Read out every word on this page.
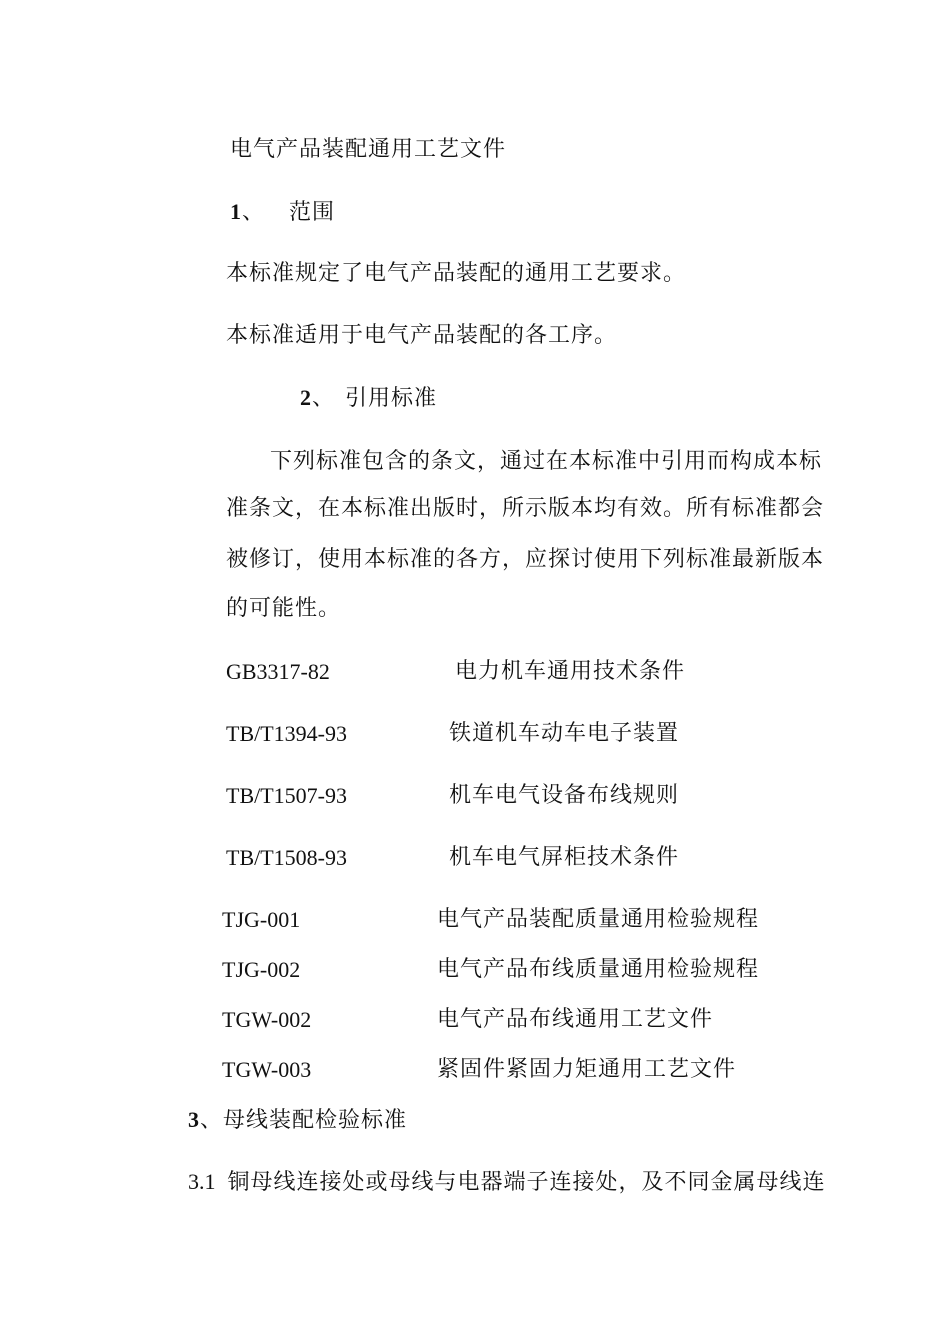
电气产品装配通用工艺文件
1、 范围
本标准规定了电气产品装配的通用工艺要求。
本标准适用于电气产品装配的各工序。
2、 引用标准
下列标准包含的条文，通过在本标准中引用而构成本标
准条文，在本标准出版时，所示版本均有效。所有标准都会
被修订，使用本标准的各方，应探讨使用下列标准最新版本
的可能性。
GB3317-82	电力机车通用技术条件
TB/T1394-93	铁道机车动车电子装置
TB/T1507-93	机车电气设备布线规则
TB/T1508-93	机车电气屏柜技术条件
TJG-001	电气产品装配质量通用检验规程
TJG-002	电气产品布线质量通用检验规程
TGW-002	电气产品布线通用工艺文件
TGW-003	紧固件紧固力矩通用工艺文件
3、母线装配检验标准
3.1 铜母线连接处或母线与电器端子连接处，及不同金属母线连
